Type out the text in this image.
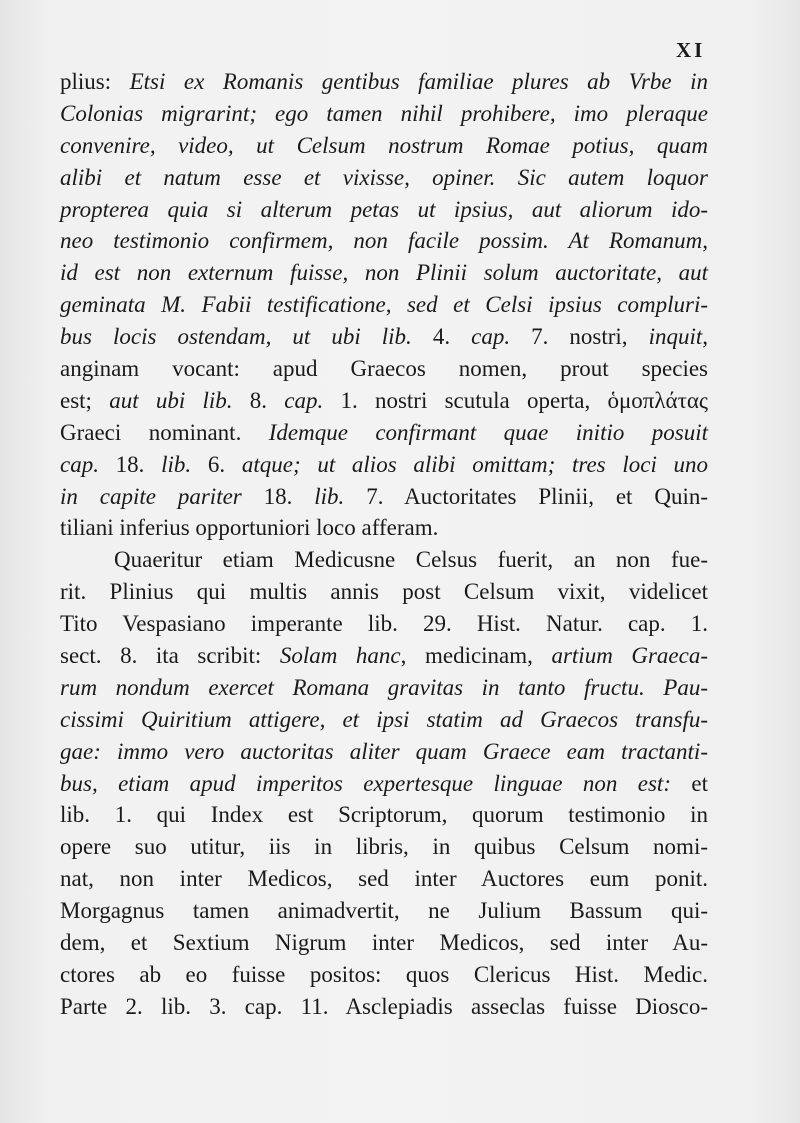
XI
plius: Etsi ex Romanis gentibus familiae plures ab Vrbe in
Colonias migrarint; ego tamen nihil prohibere, imo pleraque
convenire, video, ut Celsum nostrum Romae potius, quam
alibi et natum esse et vixisse, opiner. Sic autem loquor
propterea quia si alterum petas ut ipsius, aut aliorum ido-
neo testimonio confirmem, non facile possim. At Romanum,
id est non externum fuisse, non Plinii solum auctoritate, aut
geminata M. Fabii testificatione, sed et Celsi ipsius compluri-
bus locis ostendam, ut ubi lib. 4. cap. 7. nostri, inquit,
anginam vocant: apud Graecos nomen, prout species
est; aut ubi lib. 8. cap. 1. nostri scutula operta, ὁμοπλάτας
Graeci nominant. Idemque confirmant quae initio posuit
cap. 18. lib. 6. atque; ut alios alibi omittam; tres loci uno
in capite pariter 18. lib. 7. Auctoritates Plinii, et Quin-
tiliani inferius opportuniori loco afferam.
Quaeritur etiam Medicusne Celsus fuerit, an non fue-
rit. Plinius qui multis annis post Celsum vixit, videlicet
Tito Vespasiano imperante lib. 29. Hist. Natur. cap. 1.
sect. 8. ita scribit: Solam hanc, medicinam, artium Graeca-
rum nondum exercet Romana gravitas in tanto fructu. Pau-
cissimi Quiritium attigere, et ipsi statim ad Graecos transfu-
gae: immo vero auctoritas aliter quam Graece eam tractanti-
bus, etiam apud imperitos expertesque linguae non est: et
lib. 1. qui Index est Scriptorum, quorum testimonio in
opere suo utitur, iis in libris, in quibus Celsum nomi-
nat, non inter Medicos, sed inter Auctores eum ponit.
Morgagnus tamen animadvertit, ne Julium Bassum qui-
dem, et Sextium Nigrum inter Medicos, sed inter Au-
ctores ab eo fuisse positos: quos Clericus Hist. Medic.
Parte 2. lib. 3. cap. 11. Asclepiadis asseclas fuisse Diosco-
